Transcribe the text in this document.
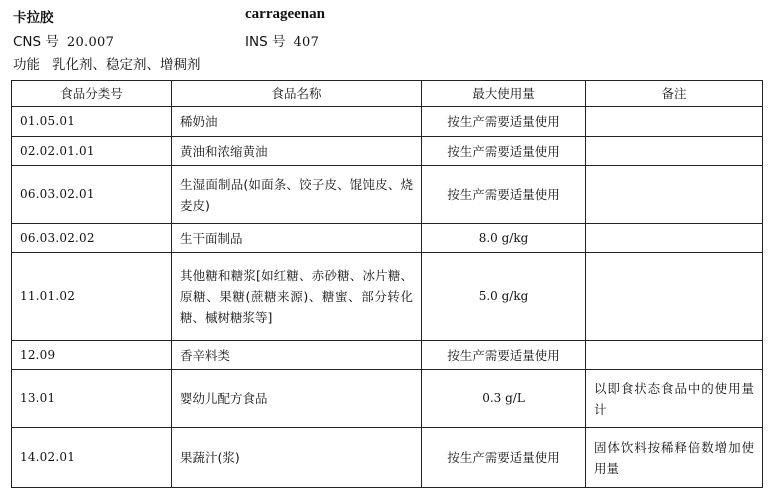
卡拉胶	carrageenan
CNS 号 20.007	INS 号 407
功能 乳化剂、稳定剂、增稠剂
食品分类号	食品名称	最大使用量	备注
01.05.01	稀奶油	按生产需要适量使用	
02.02.01.01	黄油和浓缩黄油	按生产需要适量使用	
06.03.02.01	生湿面制品(如面条、饺子皮、馄饨皮、烧麦皮)	按生产需要适量使用	
06.03.02.02	生干面制品	8.0 g/kg	
11.01.02	其他糖和糖浆[如红糖、赤砂糖、冰片糖、原糖、果糖(蔗糖来源)、糖蜜、部分转化糖、槭树糖浆等]	5.0 g/kg	
12.09	香辛料类	按生产需要适量使用	
13.01	婴幼儿配方食品	0.3 g/L	以即食状态食品中的使用量计
14.02.01	果蔬汁(浆)	按生产需要适量使用	固体饮料按稀释倍数增加使用量
